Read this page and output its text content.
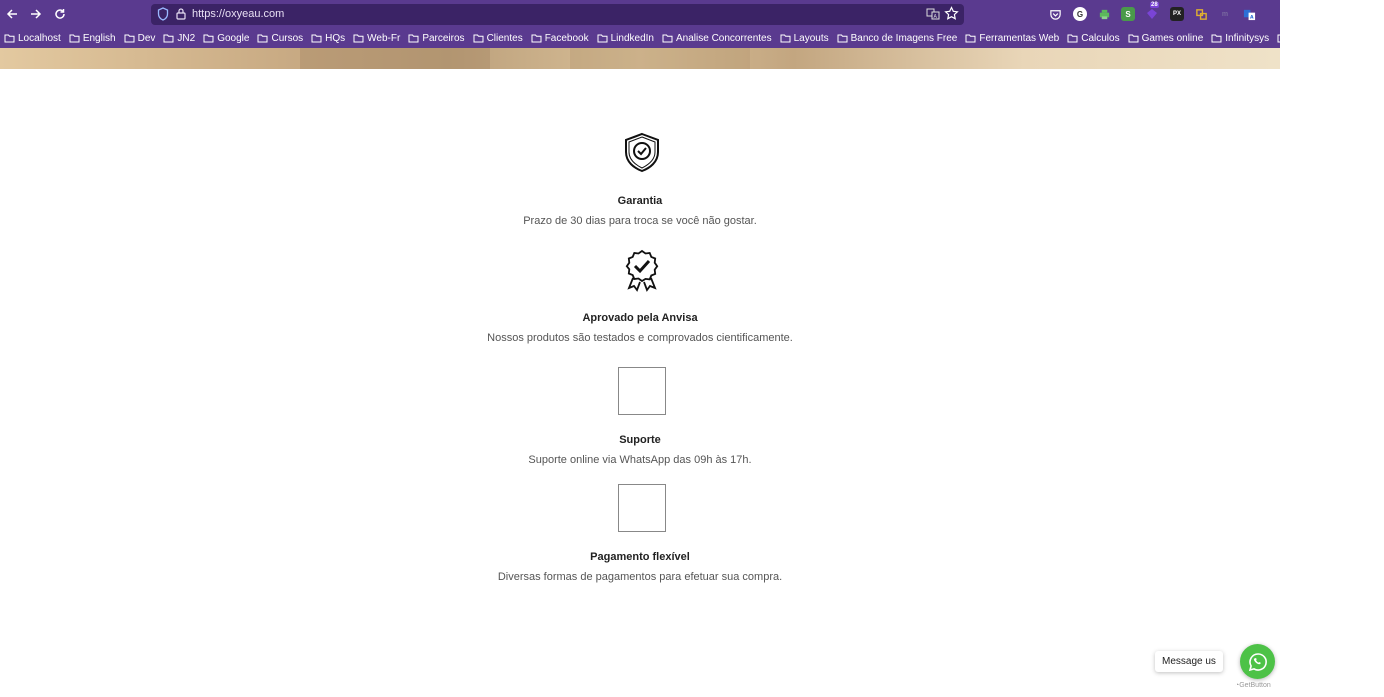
https://oxyeau.com	A	G	S
28
PX	m
A
Localhost English Dev JN2 Google Cursos HQs Web-Fr Parceiros Clientes Facebook LindkedIn Analise Concorrentes Layouts Banco de Imagens Free Ferramentas Web Calculos Games online Infinitysys Editor de Imagens »
Garantia
Prazo de 30 dias para troca se você não gostar.
Aprovado pela Anvisa
Nossos produtos são testados e comprovados cientificamente.
Suporte
Suporte online via WhatsApp das 09h às 17h.
Pagamento flexível
Diversas formas de pagamentos para efetuar sua compra.
Message us
◔GetButton
